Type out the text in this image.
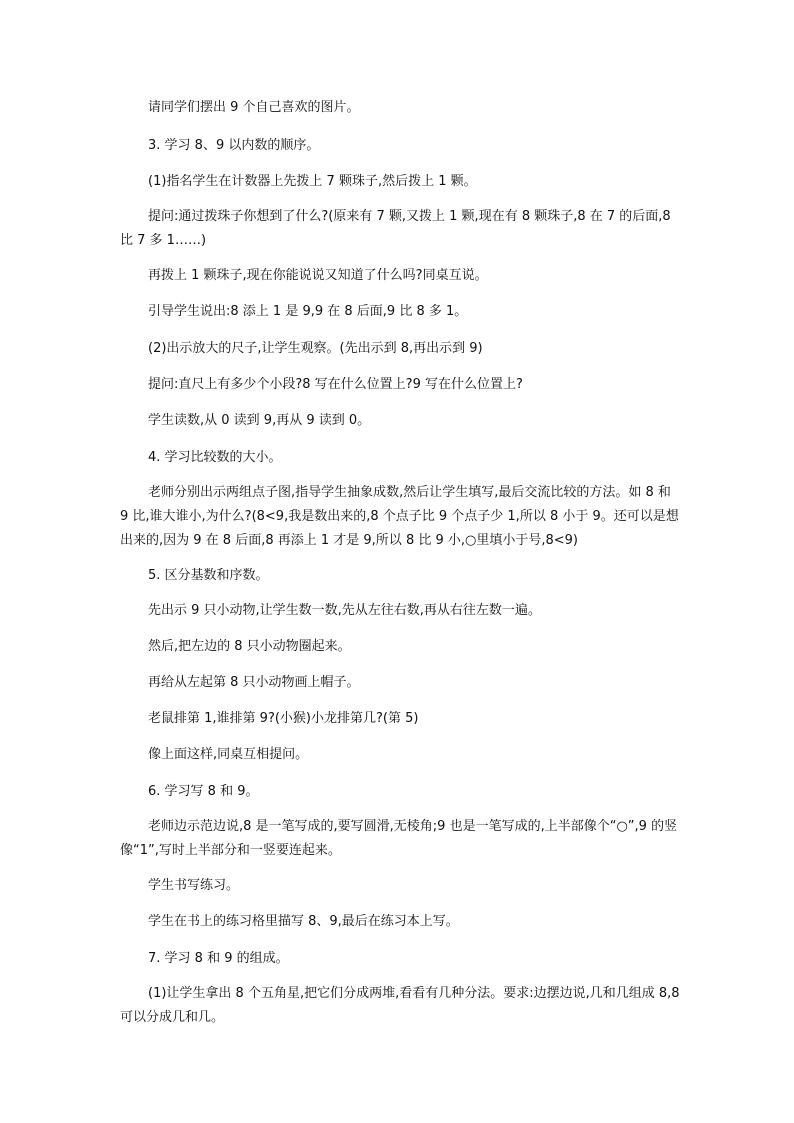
请同学们摆出 9 个自己喜欢的图片。

3. 学习 8、9 以内数的顺序。

(1)指名学生在计数器上先拨上 7 颗珠子,然后拨上 1 颗。

提问:通过拨珠子你想到了什么?(原来有 7 颗,又拨上 1 颗,现在有 8 颗珠子,8 在 7 的后面,8 比 7 多 1……)

再拨上 1 颗珠子,现在你能说说又知道了什么吗?同桌互说。

引导学生说出:8 添上 1 是 9,9 在 8 后面,9 比 8 多 1。

(2)出示放大的尺子,让学生观察。(先出示到 8,再出示到 9)

提问:直尺上有多少个小段?8 写在什么位置上?9 写在什么位置上?

学生读数,从 0 读到 9,再从 9 读到 0。

4. 学习比较数的大小。

老师分别出示两组点子图,指导学生抽象成数,然后让学生填写,最后交流比较的方法。如 8 和 9 比,谁大谁小,为什么?(8<9,我是数出来的,8 个点子比 9 个点子少 1,所以 8 小于 9。还可以是想出来的,因为 9 在 8 后面,8 再添上 1 才是 9,所以 8 比 9 小,○里填小于号,8<9)

5. 区分基数和序数。

先出示 9 只小动物,让学生数一数,先从左往右数,再从右往左数一遍。

然后,把左边的 8 只小动物圈起来。

再给从左起第 8 只小动物画上帽子。

老鼠排第 1,谁排第 9?(小猴)小龙排第几?(第 5)

像上面这样,同桌互相提问。

6. 学习写 8 和 9。

老师边示范边说,8 是一笔写成的,要写圆滑,无棱角;9 也是一笔写成的,上半部像个“○”,9 的竖像“1”,写时上半部分和一竖要连起来。

学生书写练习。

学生在书上的练习格里描写 8、9,最后在练习本上写。

7. 学习 8 和 9 的组成。

(1)让学生拿出 8 个五角星,把它们分成两堆,看看有几种分法。要求:边摆边说,几和几组成 8,8 可以分成几和几。
